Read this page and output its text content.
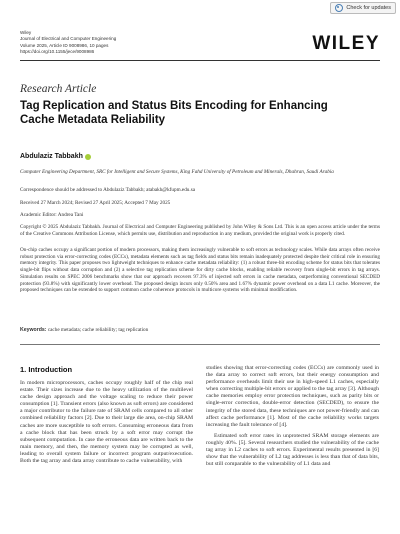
Check for updates
Wiley
Journal of Electrical and Computer Engineering
Volume 2025, Article ID 9008986, 10 pages
https://doi.org/10.1155/jece/9008986	WILEY
Research Article
Tag Replication and Status Bits Encoding for Enhancing Cache Metadata Reliability
Abdulaziz Tabbakh
Computer Engineering Department, SRC for Intelligent and Secure Systems, King Fahd University of Petroleum and Minerals, Dhahran, Saudi Arabia
Correspondence should be addressed to Abdulaziz Tabbakh; atabakh@kfupm.edu.sa
Received 27 March 2024; Revised 27 April 2025; Accepted 7 May 2025
Academic Editor: Andrea Tani
Copyright © 2025 Abdulaziz Tabbakh. Journal of Electrical and Computer Engineering published by John Wiley & Sons Ltd. This is an open access article under the terms of the Creative Commons Attribution License, which permits use, distribution and reproduction in any medium, provided the original work is properly cited.
On-chip caches occupy a significant portion of modern processors, making them increasingly vulnerable to soft errors as technology scales. While data arrays often receive robust protection via error-correcting codes (ECCs), metadata elements such as tag fields and status bits remain inadequately protected despite their critical role in ensuring memory integrity. This paper proposes two lightweight techniques to enhance cache metadata reliability: (1) a robust three-bit encoding scheme for status bits that tolerates single-bit flips without data corruption and (2) a selective tag replication scheme for dirty cache blocks, enabling reliable recovery from single-bit errors in tag arrays. Simulation results on SPEC 2006 benchmarks show that our approach recovers 97.3% of injected soft errors in cache metadata, outperforming conventional SECDED protection (93.8%) with significantly lower overhead. The proposed design incurs only 0.50% area and 1.67% dynamic power overhead on a data L1 cache. Moreover, the proposed techniques can be extended to support common cache coherence protocols in multicore systems with minimal modification.
Keywords: cache metadata; cache reliability; tag replication
1. Introduction

In modern microprocessors, caches occupy roughly half of the chip real estate. Their sizes increase due to the heavy utilization of the multilevel cache design approach and the voltage scaling to reduce their power consumption [1]. Transient errors (also known as soft errors) are considered a major contributor to the failure rate of SRAM cells compared to all other combined reliability factors [2]. Due to their large die area, on-chip SRAM caches are more susceptible to soft errors. Consuming erroneous data from a cache block that has been struck by a soft error may corrupt the subsequent computation. In case the erroneous data are written back to the main memory, and then, the memory system may be corrupted as well, leading to overall system failure or incorrect program output/execution. Both the tag array and data array contribute to cache vulnerability, with

studies showing that error-correcting codes (ECCs) are commonly used in the data array to correct soft errors, but their energy consumption and performance overheads limit their use in high-speed L1 caches, especially when correcting multiple-bit errors or applied to the tag array [3]. Although cache memories employ error protection techniques, such as parity bits or single-error correction, double-error detection (SECDED), to ensure the integrity of the stored data, these techniques are not power-friendly and can affect cache performance [1]. Most of the cache reliability works targets increasing the fault tolerance of [4].

Estimated soft error rates in unprotected SRAM storage elements are roughly 40%. [5]. Several researchers studied the vulnerability of the cache tag array in L2 caches to soft errors. Experimental results presented in [6] show that the vulnerability of L2 tag addresses is less than that of data bits, but still comparable to the vulnerability of L1 data and
